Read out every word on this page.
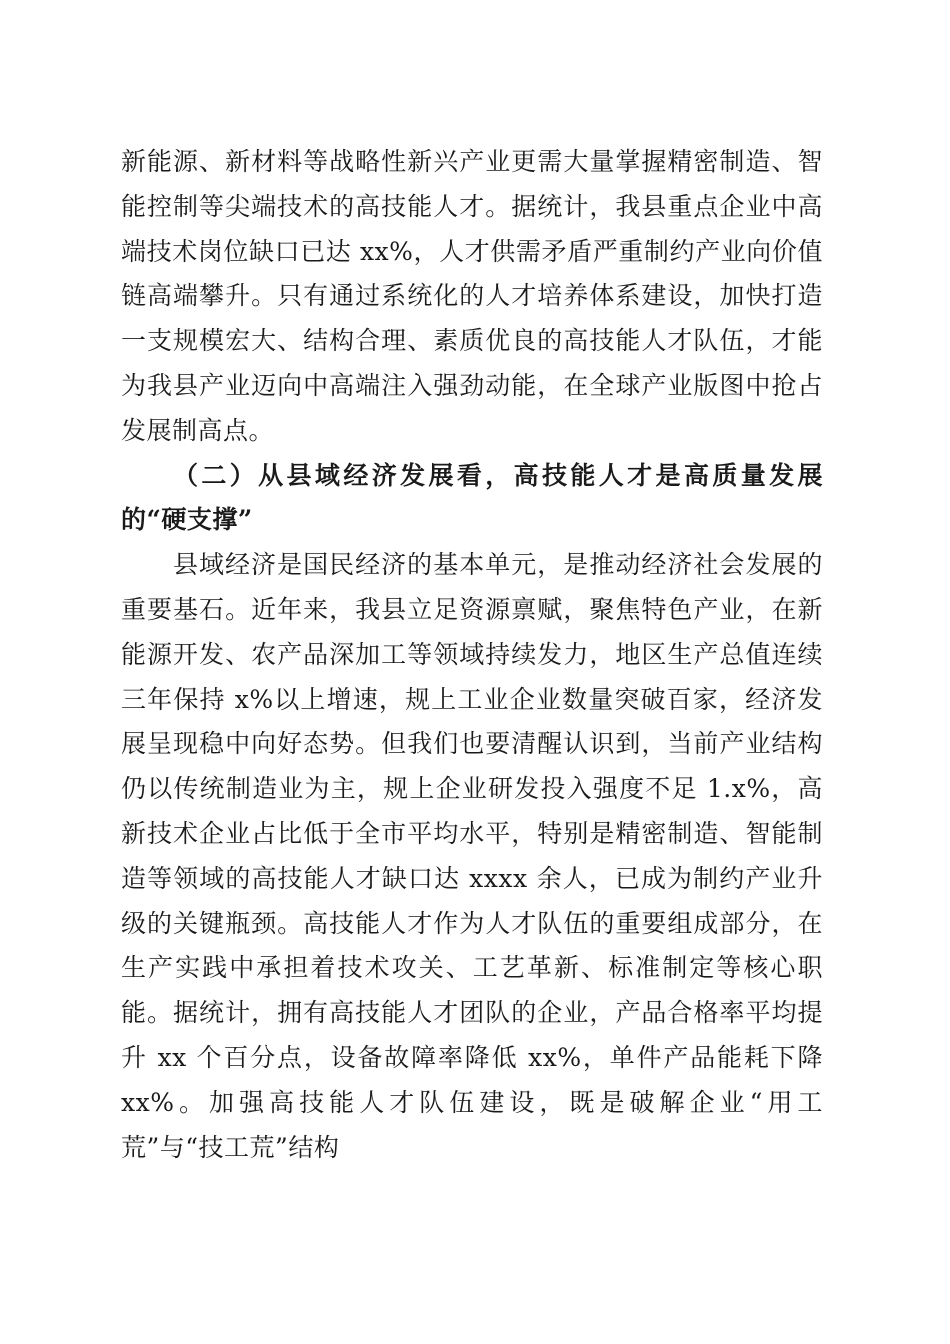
新能源、新材料等战略性新兴产业更需大量掌握精密制造、智能控制等尖端技术的高技能人才。据统计，我县重点企业中高端技术岗位缺口已达 xx%，人才供需矛盾严重制约产业向价值链高端攀升。只有通过系统化的人才培养体系建设，加快打造一支规模宏大、结构合理、素质优良的高技能人才队伍，才能为我县产业迈向中高端注入强劲动能，在全球产业版图中抢占发展制高点。

（二）从县域经济发展看，高技能人才是高质量发展的“硬支撑”

县域经济是国民经济的基本单元，是推动经济社会发展的重要基石。近年来，我县立足资源禀赋，聚焦特色产业，在新能源开发、农产品深加工等领域持续发力，地区生产总值连续三年保持 x%以上增速，规上工业企业数量突破百家，经济发展呈现稳中向好态势。但我们也要清醒认识到，当前产业结构仍以传统制造业为主，规上企业研发投入强度不足 1.x%，高新技术企业占比低于全市平均水平，特别是精密制造、智能制造等领域的高技能人才缺口达 xxxx 余人，已成为制约产业升级的关键瓶颈。高技能人才作为人才队伍的重要组成部分，在生产实践中承担着技术攻关、工艺革新、标准制定等核心职能。据统计，拥有高技能人才团队的企业，产品合格率平均提升 xx 个百分点，设备故障率降低 xx%，单件产品能耗下降 xx%。加强高技能人才队伍建设，既是破解企业“用工荒”与“技工荒”结构
